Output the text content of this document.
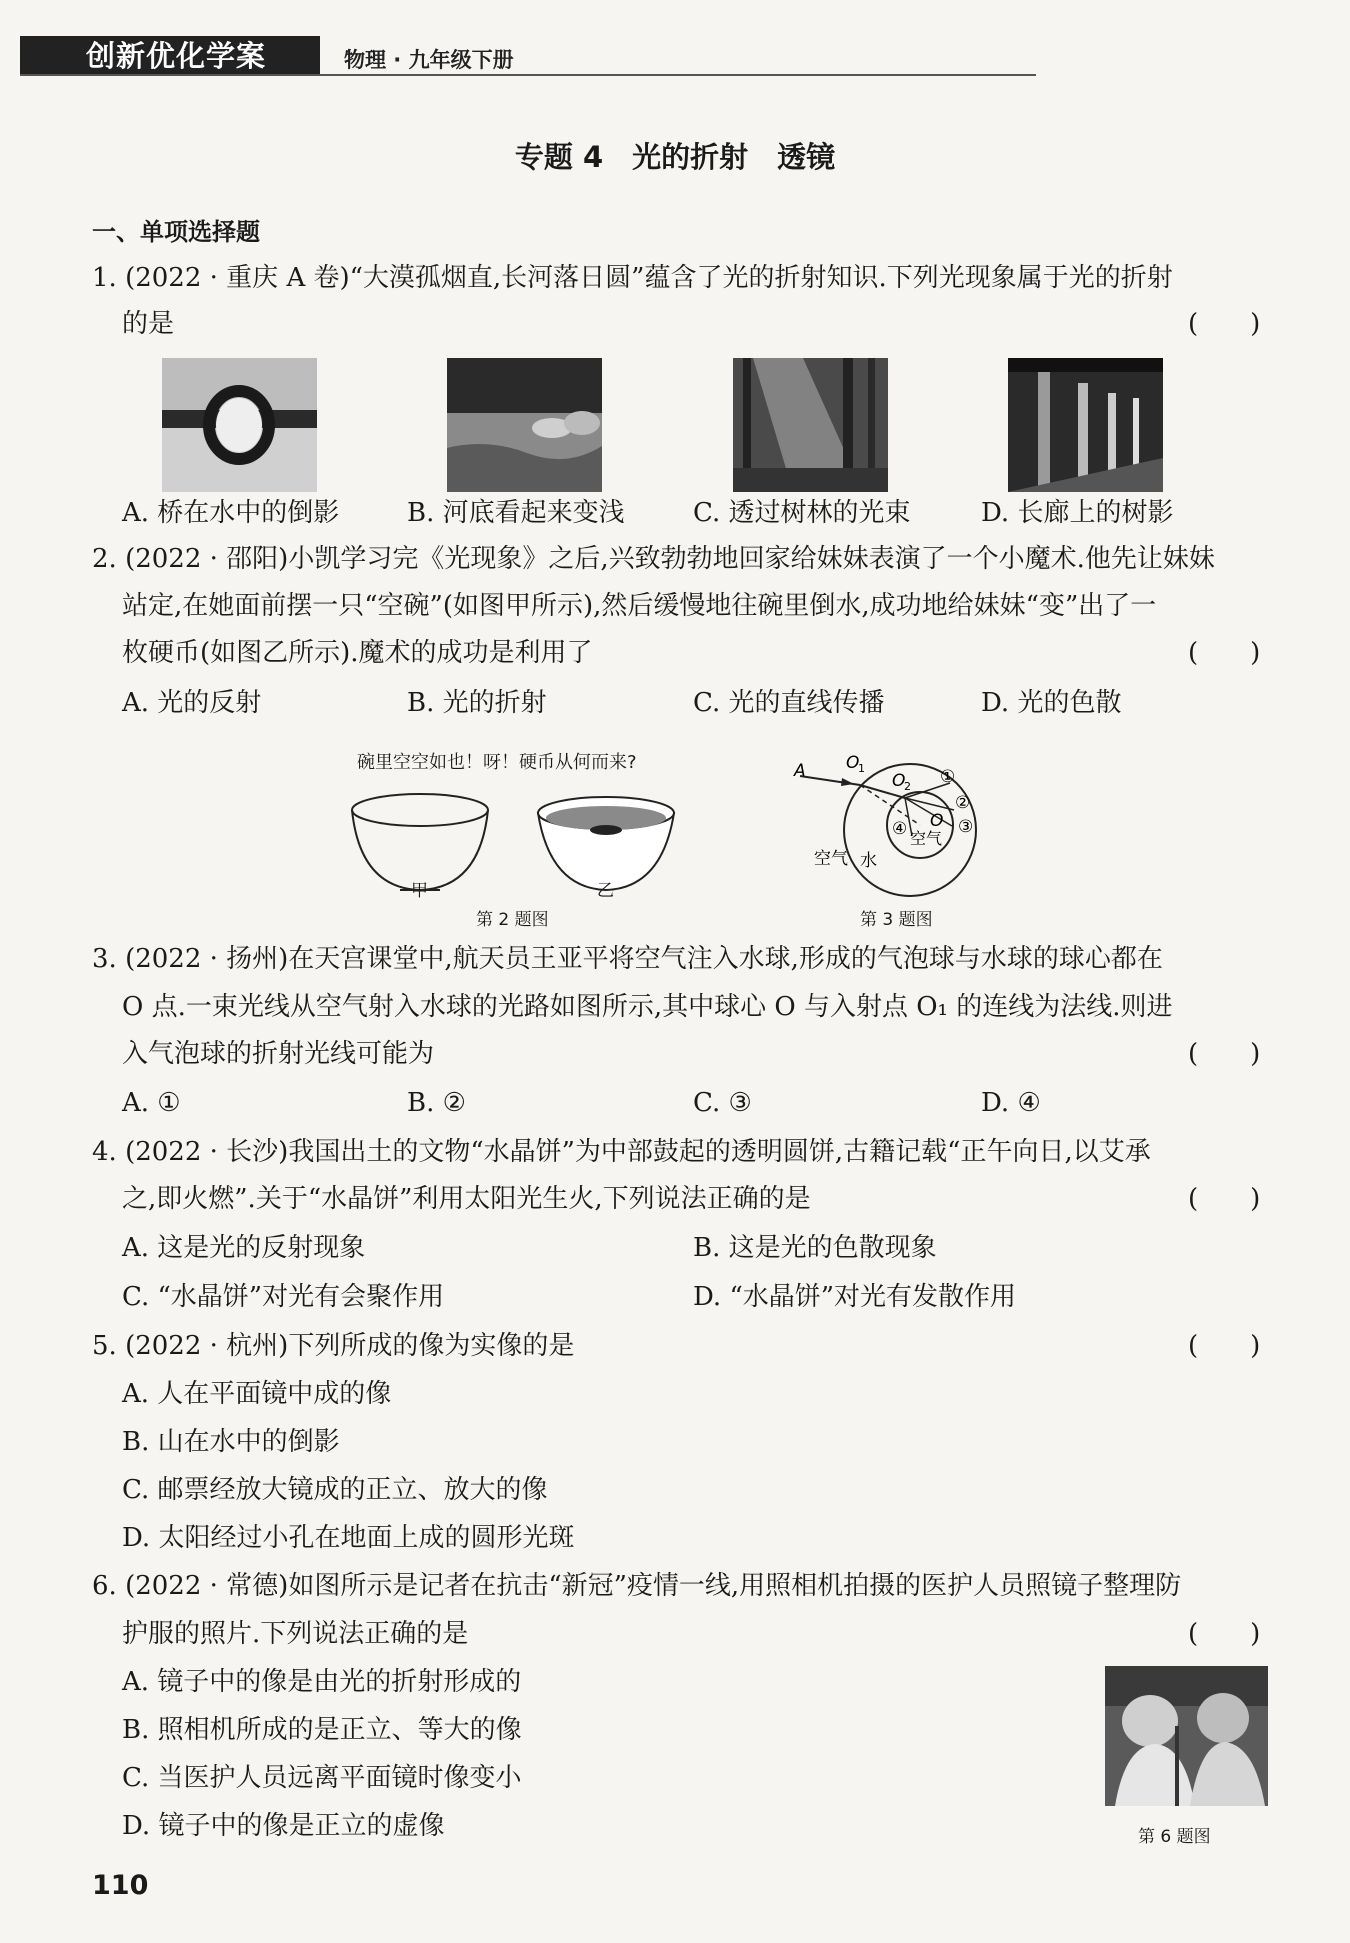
创新优化学案	物理 · 九年级下册
专题 4　光的折射　透镜
一、单项选择题
1. (2022 · 重庆 A 卷)“大漠孤烟直,长河落日圆”蕴含了光的折射知识.下列光现象属于光的折射
的是	(　　)
A. 桥在水中的倒影	B. 河底看起来变浅	C. 透过树林的光束	D. 长廊上的树影
2. (2022 · 邵阳)小凯学习完《光现象》之后,兴致勃勃地回家给妹妹表演了一个小魔术.他先让妹妹
站定,在她面前摆一只“空碗”(如图甲所示),然后缓慢地往碗里倒水,成功地给妹妹“变”出了一
枚硬币(如图乙所示).魔术的成功是利用了	(　　)
A. 光的反射	B. 光的折射	C. 光的直线传播	D. 光的色散
碗里空空如也！呀！硬币从何而来?
甲	乙
第 2 题图
A O
1
O
2
O
①
②
③
④ 空气
空气 水
第 3 题图
3. (2022 · 扬州)在天宫课堂中,航天员王亚平将空气注入水球,形成的气泡球与水球的球心都在
O 点.一束光线从空气射入水球的光路如图所示,其中球心 O 与入射点 O₁ 的连线为法线.则进
入气泡球的折射光线可能为	(　　)
A. ①	B. ②	C. ③	D. ④
4. (2022 · 长沙)我国出土的文物“水晶饼”为中部鼓起的透明圆饼,古籍记载“正午向日,以艾承
之,即火燃”.关于“水晶饼”利用太阳光生火,下列说法正确的是	(　　)
A. 这是光的反射现象	B. 这是光的色散现象
C. “水晶饼”对光有会聚作用	D. “水晶饼”对光有发散作用
5. (2022 · 杭州)下列所成的像为实像的是	(　　)
A. 人在平面镜中成的像
B. 山在水中的倒影
C. 邮票经放大镜成的正立、放大的像
D. 太阳经过小孔在地面上成的圆形光斑
6. (2022 · 常德)如图所示是记者在抗击“新冠”疫情一线,用照相机拍摄的医护人员照镜子整理防
护服的照片.下列说法正确的是	(　　)
A. 镜子中的像是由光的折射形成的
B. 照相机所成的是正立、等大的像
C. 当医护人员远离平面镜时像变小
D. 镜子中的像是正立的虚像	第 6 题图
110
